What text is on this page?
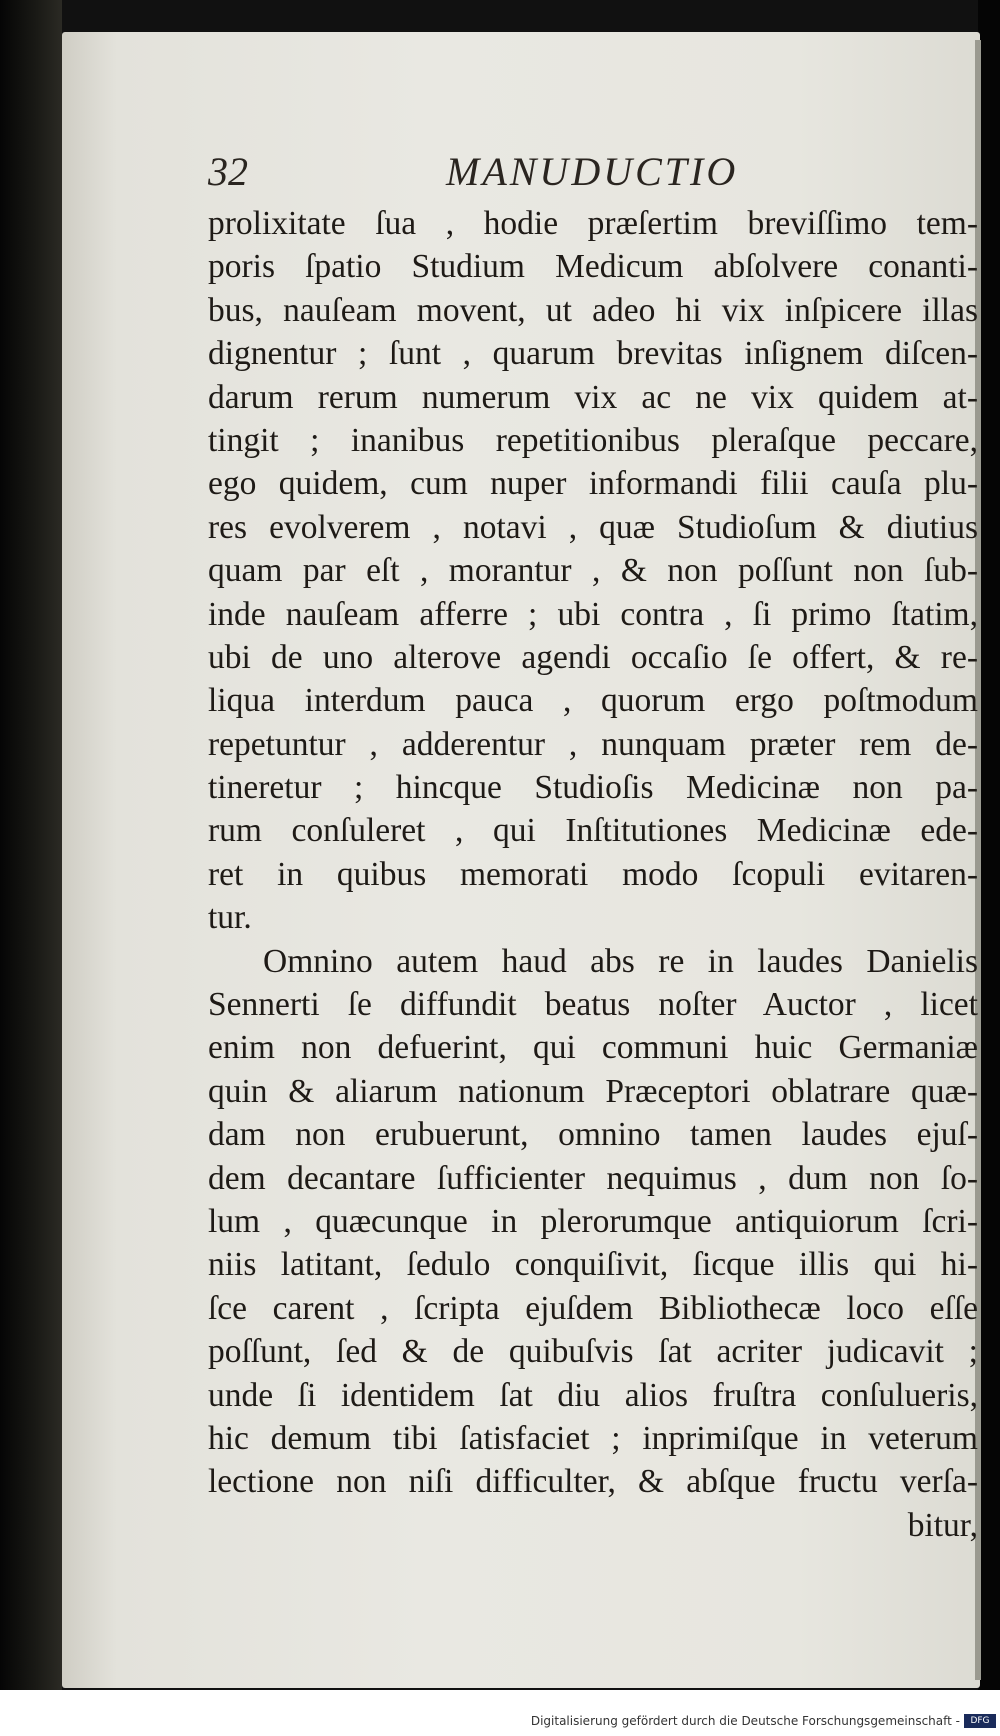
32	MANUDUCTIO
prolixitate ſua , hodie præſertim breviſſimo tem-
poris ſpatio Studium Medicum abſolvere conanti-
bus, nauſeam movent, ut adeo hi vix inſpicere illas
dignentur ; ſunt , quarum brevitas inſignem diſcen-
darum rerum numerum vix ac ne vix quidem at-
tingit ; inanibus repetitionibus pleraſque peccare,
ego quidem, cum nuper informandi filii cauſa plu-
res evolverem , notavi , quæ Studioſum & diutius
quam par eſt , morantur , & non poſſunt non ſub-
inde nauſeam afferre ; ubi contra , ſi primo ſtatim,
ubi de uno alterove agendi occaſio ſe offert, & re-
liqua interdum pauca , quorum ergo poſtmodum
repetuntur , adderentur , nunquam præter rem de-
tineretur ; hincque Studioſis Medicinæ non pa-
rum conſuleret , qui Inſtitutiones Medicinæ ede-
ret in quibus memorati modo ſcopuli evitaren-
tur.
Omnino autem haud abs re in laudes Danielis
Sennerti ſe diffundit beatus noſter Auctor , licet
enim non defuerint, qui communi huic Germaniæ
quin & aliarum nationum Præceptori oblatrare quæ-
dam non erubuerunt, omnino tamen laudes ejuſ-
dem decantare ſufficienter nequimus , dum non ſo-
lum , quæcunque in plerorumque antiquiorum ſcri-
niis latitant, ſedulo conquiſivit, ſicque illis qui hi-
ſce carent , ſcripta ejuſdem Bibliothecæ loco eſſe
poſſunt, ſed & de quibuſvis ſat acriter judicavit ;
unde ſi identidem ſat diu alios fruſtra conſulueris,
hic demum tibi ſatisfaciet ; inprimiſque in veterum
lectione non niſi difficulter, & abſque fructu verſa-
bitur,
Digitalisierung gefördert durch die Deutsche Forschungsgemeinschaft -	DFG
